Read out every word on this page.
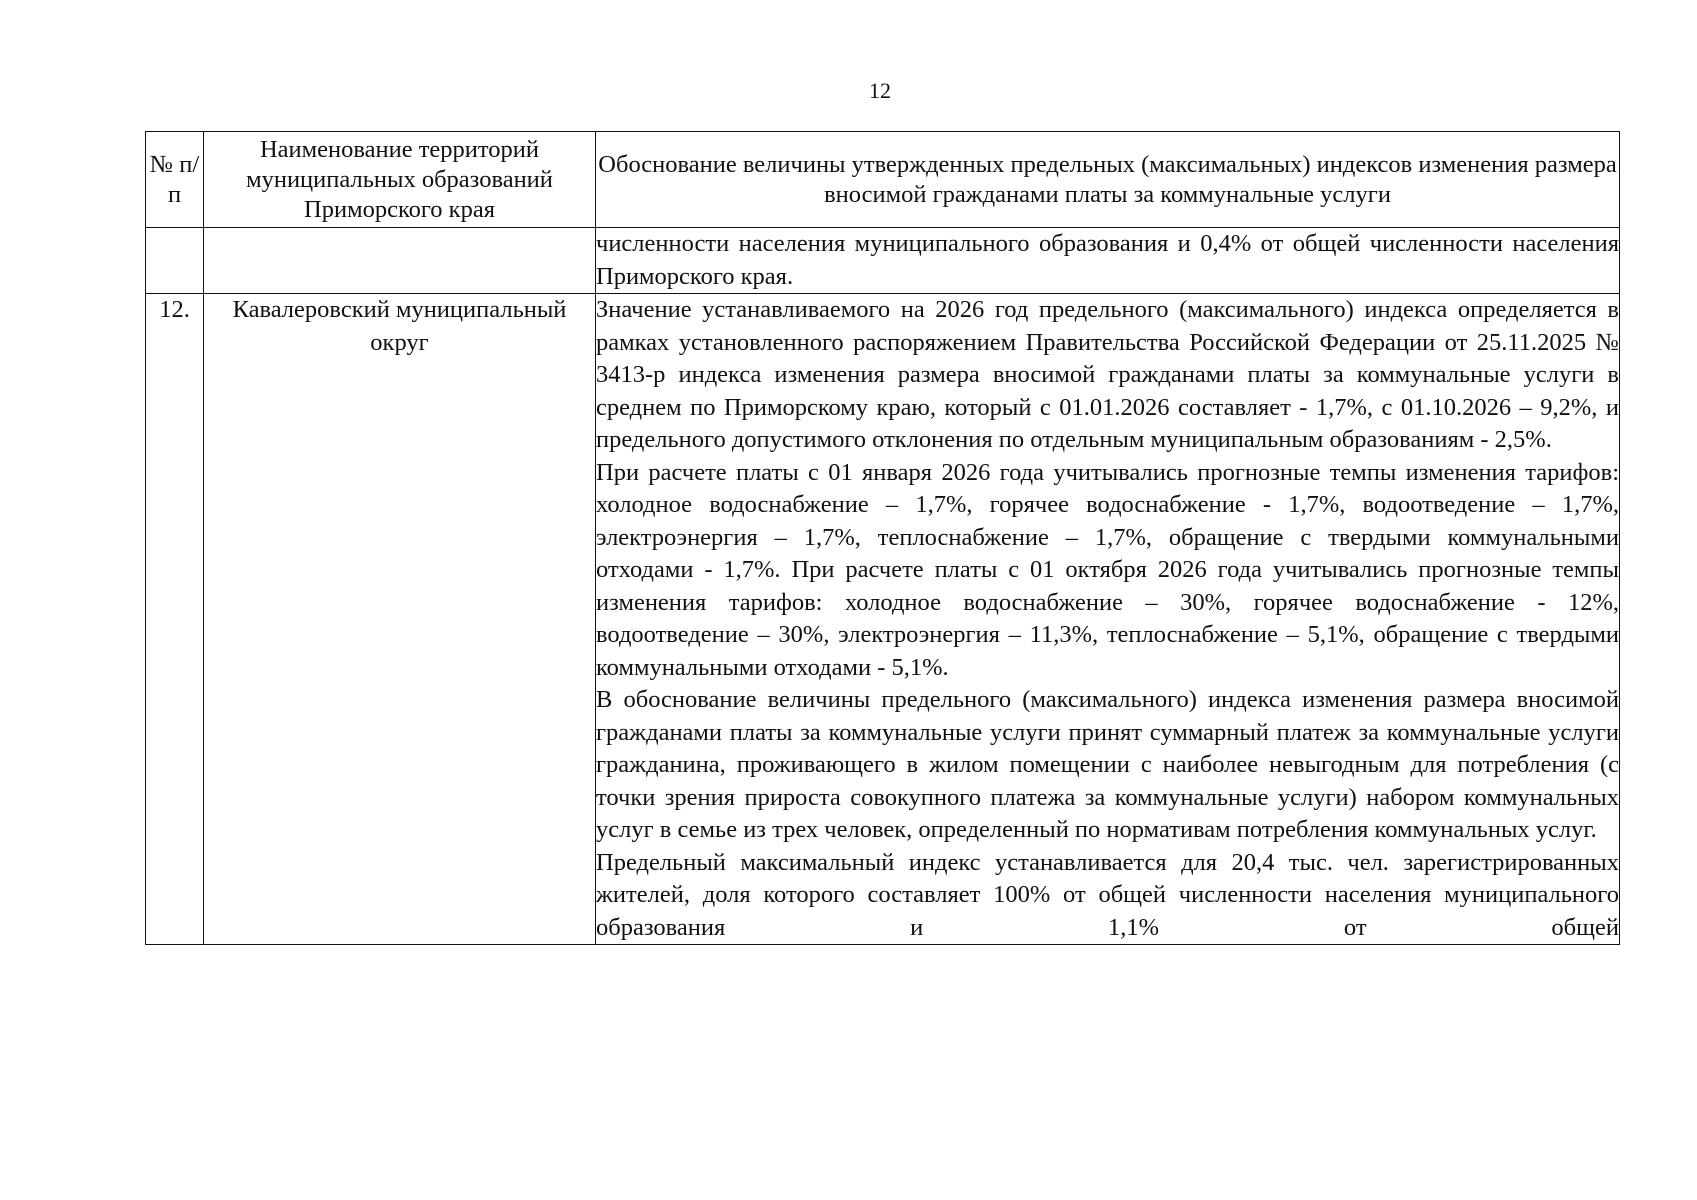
12
№ п/п	Наименование территорий муниципальных образований Приморского края	Обоснование величины утвержденных предельных (максимальных) индексов изменения размера вносимой гражданами платы за коммунальные услуги

		численности населения муниципального образования и 0,4% от общей численности населения Приморского края.

12.	Кавалеровский муниципальный округ	Значение устанавливаемого на 2026 год предельного (максимального) индекса определяется в рамках установленного распоряжением Правительства Российской Федерации от 25.11.2025 № 3413-р индекса изменения размера вносимой гражданами платы за коммунальные услуги в среднем по Приморскому краю, который с 01.01.2026 составляет - 1,7%, с 01.10.2026 – 9,2%, и предельного допустимого отклонения по отдельным муниципальным образованиям - 2,5%.

При расчете платы с 01 января 2026 года учитывались прогнозные темпы изменения тарифов: холодное водоснабжение – 1,7%, горячее водоснабжение - 1,7%, водоотведение – 1,7%, электроэнергия – 1,7%, теплоснабжение – 1,7%, обращение с твердыми коммунальными отходами - 1,7%. При расчете платы с 01 октября 2026 года учитывались прогнозные темпы изменения тарифов: холодное водоснабжение – 30%, горячее водоснабжение - 12%, водоотведение – 30%, электроэнергия – 11,3%, теплоснабжение – 5,1%, обращение с твердыми коммунальными отходами - 5,1%.

В обоснование величины предельного (максимального) индекса изменения размера вносимой гражданами платы за коммунальные услуги принят суммарный платеж за коммунальные услуги гражданина, проживающего в жилом помещении с наиболее невыгодным для потребления (с точки зрения прироста совокупного платежа за коммунальные услуги) набором коммунальных услуг в семье из трех человек, определенный по нормативам потребления коммунальных услуг.

Предельный максимальный индекс устанавливается для 20,4 тыс. чел. зарегистрированных жителей, доля которого составляет 100% от общей численности населения муниципального образования и 1,1% от общей
